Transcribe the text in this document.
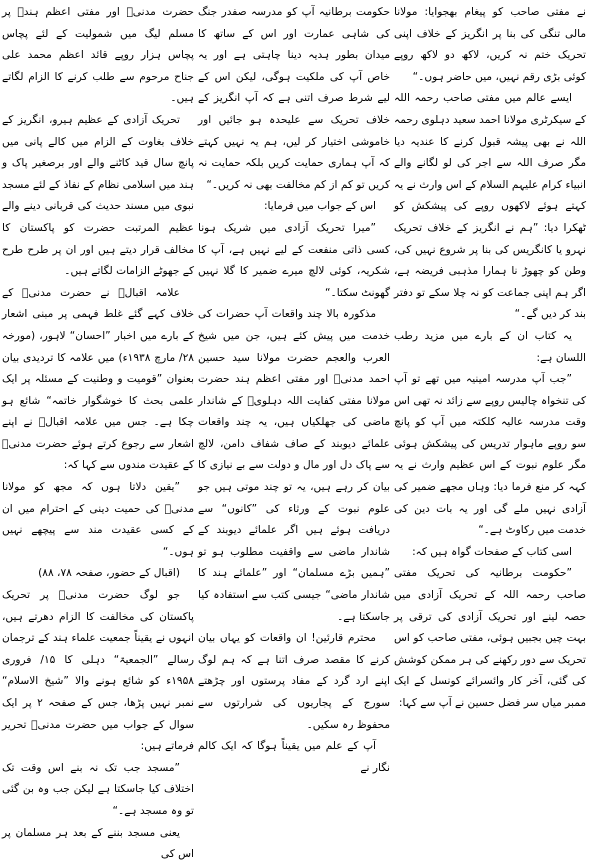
نے مفتی صاحب کو پیغام بھجوایا: مولانا مالی تنگی کی بنا پر انگریز کے خلاف اپنی تحریک ختم نہ کریں، لاکھ دو لاکھ روپے کوئی بڑی رقم نہیں، میں حاضر ہوں۔“

ایسے عالم میں مفتی صاحب رحمہ اللہ کے سیکرٹری مولانا احمد سعید دہلوی رحمہ اللہ نے بھی پیشہ قبول کرنے کا عندیہ دیا مگر صرف اللہ سے اجر کی لو لگانے والے انبیاء کرام علیہم السلام کے اس وارث نے یہ کہتے ہوئے لاکھوں روپے کی پیشکش کو ٹھکرا دیا: ”ہم نے انگریز کے خلاف تحریک نہرو یا کانگریس کی بنا پر شروع نہیں کی، وطن کو چھوڑ نا ہمارا مذہبی فریضہ ہے، اگر ہم اپنی جماعت کو نہ چلا سکے تو دفتر بند کر دیں گے۔“

یہ کتاب ان کے بارے میں مزید رطب اللسان ہے:

”جب آپ مدرسہ امینیہ میں تھے تو آپ کی تنخواہ چالیس روپے سے زائد نہ تھی اس وقت مدرسہ عالیہ کلکتہ میں آپ کو پانچ سو روپے ماہوار تدریس کی پیشکش ہوئی مگر علوم نبوت کے اس عظیم وارث نے یہ کہہ کر منع فرما دیا: وہاں مجھے ضمیر کی آزادی نہیں ملے گی اور یہ بات دین کی خدمت میں رکاوٹ ہے۔“

اسی کتاب کے صفحات گواہ ہیں کہ:

”حکومت برطانیہ کی تحریک مفتی صاحب رحمہ اللہ کے تحریک آزادی میں حصہ لینے اور تحریک آزادی کی ترقی پر بہت چیں بجبیں ہوئی، مفتی صاحب کو اس تحریک سے دور رکھنے کی ہر ممکن کوشش کی گئی، آخر کار وائسرائے کونسل کے ایک ممبر میاں سر فضل حسین نے آپ سے کہا:

حکومت برطانیہ آپ کو مدرسہ صفدر جنگ کی شاہی عمارت اور اس کے ساتھ کا میدان بطور ہدیہ دینا چاہتی ہے اور یہ خاص آپ کی ملکیت ہوگی، لیکن اس کے لیے شرط صرف اتنی ہے کہ آپ انگریز کے خلاف تحریک سے علیحدہ ہو جائیں اور خاموشی اختیار کر لیں، ہم یہ نہیں کہتے کہ آپ ہماری حمایت کریں بلکہ حمایت نہ کریں تو کم از کم مخالفت بھی نہ کریں۔“

اس کے جواب میں فرمایا:

”میرا تحریک آزادی میں شریک ہونا کسی ذاتی منفعت کے لیے نہیں ہے، آپ کا شکریہ، کوئی لالچ میرے ضمیر کا گلا نہیں گھونٹ سکتا۔“

مذکورہ بالا چند واقعات آپ حضرات کی خدمت میں پیش کئے ہیں، جن میں شیخ العرب والعجم حضرت مولانا سید حسین احمد مدنیؒ اور مفتی اعظم ہند حضرت مولانا مفتی کفایت اللہ دہلویؒ کے شاندار ماضی کی جھلکیاں ہیں، یہ چند واقعات علمائے دیوبند کے صاف شفاف دامن، لالچ سے پاک دل اور مال و دولت سے بے نیازی کا بیان کر رہے ہیں، یہ تو چند موتی ہیں جو علوم نبوت کے ورثاء کی ”کانوں“ سے دریافت ہوئے ہیں اگر علمائے دیوبند کے شاندار ماضی سے واقفیت مطلوب ہو تو ”ہمیں بڑے مسلمان“ اور ”علمائے ہند کا شاندار ماضی“ جیسی کتب سے استفادہ کیا جاسکتا ہے۔

محترم قارئین! ان واقعات کو یہاں بیان کرنے کا مقصد صرف اتنا ہے کہ ہم لوگ اپنے ارد گرد کے مفاد پرستوں اور چڑھتے سورج کے پجاریوں کی شرارتوں سے محفوظ رہ سکیں۔

آپ کے علم میں یقیناً ہوگا کہ ایک کالم نگار نے

حضرت مدنیؒ اور مفتی اعظم ہندؒ پر مسلم لیگ میں شمولیت کے لئے پچاس پچاس ہزار روپے قائد اعظم محمد علی جناح مرحوم سے طلب کرنے کا الزام لگاتے ہیں۔

تحریک آزادی کے عظیم ہیرو، انگریز کے خلاف بغاوت کے الزام میں کالے پانی میں پانچ سال قید کاٹنے والے اور برصغیر پاک و ہند میں اسلامی نظام کے نفاذ کے لئے مسجد نبوی میں مسند حدیث کی قربانی دینے والے عظیم المرتبت حضرت کو پاکستان کا مخالف قرار دیتے ہیں اور ان پر طرح طرح کے جھوٹے الزامات لگاتے ہیں۔

علامہ اقبالؒ نے حضرت مدنیؒ کے خلاف کہے گئے غلط فہمی پر مبنی اشعار کے بارے میں اخبار ”احسان“ لاہور، (مورخہ ۲۸/ مارچ ۱۹۳۸ء) میں علامہ کا تردیدی بیان بعنوان ”قومیت و وطنیت کے مسئلہ پر ایک علمی بحث کا خوشگوار خاتمہ“ شائع ہو چکا ہے۔ جس میں علامہ اقبالؒ نے اپنے اشعار سے رجوع کرتے ہوئے حضرت مدنیؒ کے عقیدت مندوں سے کہا کہ:

”یقین دلاتا ہوں کہ مجھ کو مولانا مدنیؒ کی حمیت دینی کے احترام میں ان کے کسی عقیدت مند سے پیچھے نہیں ہوں۔“

(اقبال کے حضور، صفحہ ۷۸، ۸۸)

جو لوگ حضرت مدنیؒ پر تحریک پاکستان کی مخالفت کا الزام دھرتے ہیں، انہوں نے یقیناً جمعیت علماء ہند کے ترجمان رسالے ”الجمعیۃ“ دہلی کا ۱۵/ فروری ۱۹۵۸ء کو شائع ہونے والا ”شیخ الاسلام“ نمبر نہیں پڑھا، جس کے صفحہ ۲ پر ایک سوال کے جواب میں حضرت مدنیؒ تحریر فرماتے ہیں:

”مسجد جب تک نہ بنے اس وقت تک اختلاف کیا جاسکتا ہے لیکن جب وہ بن گئی تو وہ مسجد ہے۔“

یعنی مسجد بننے کے بعد ہر مسلمان پر اس کی
